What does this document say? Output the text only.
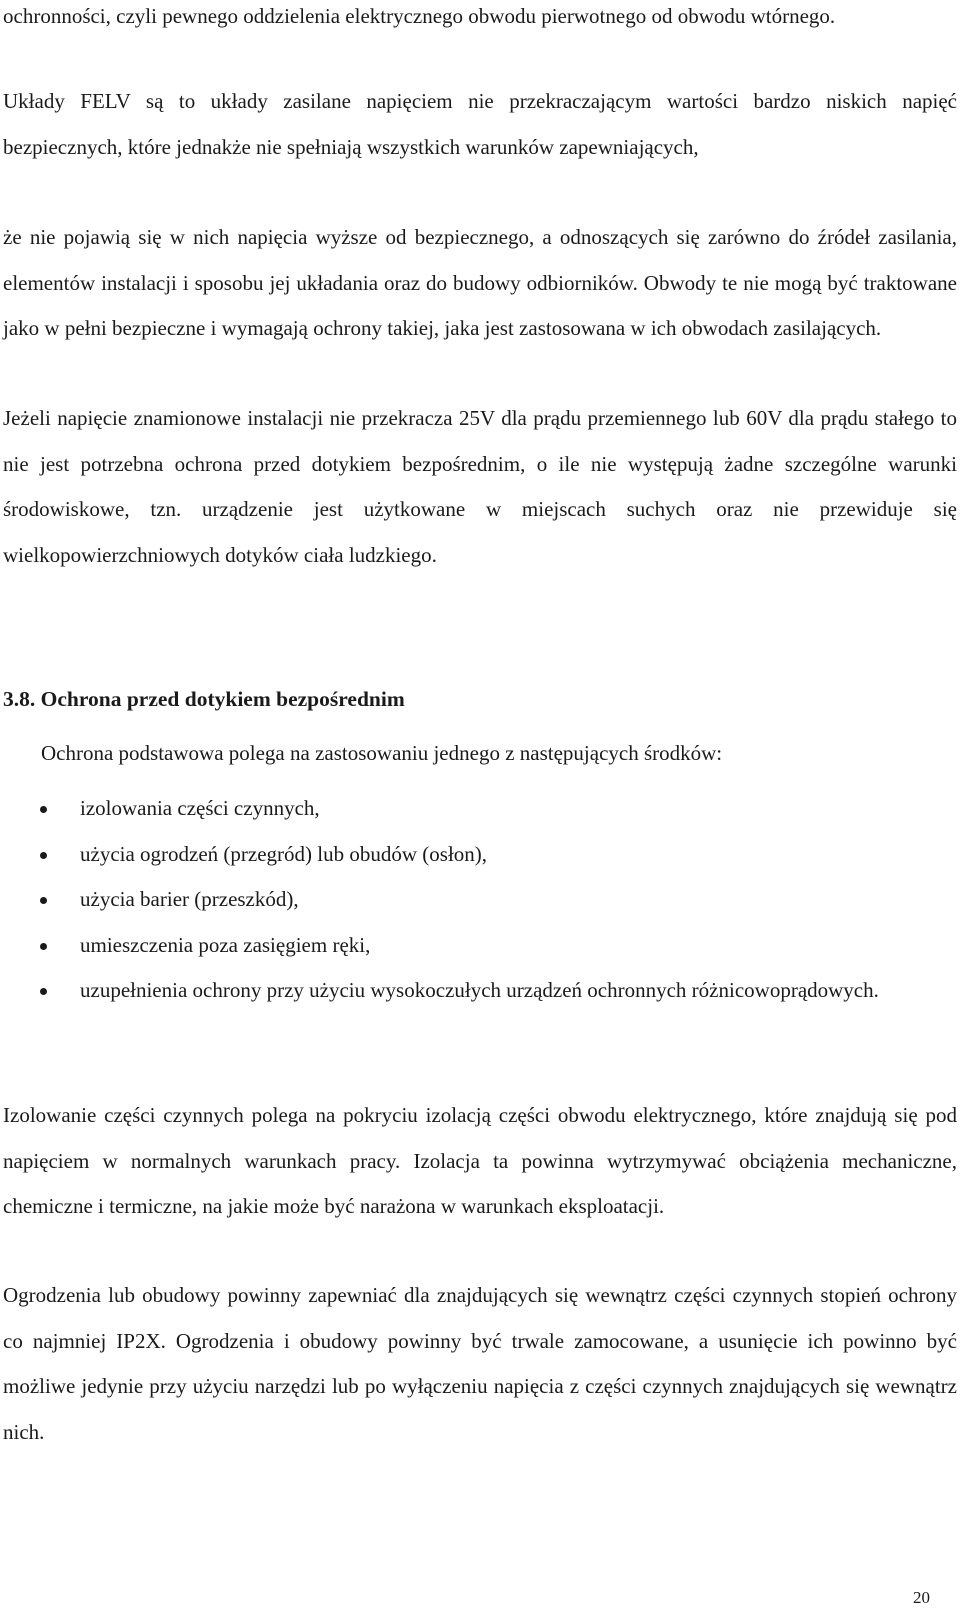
ochronności, czyli pewnego oddzielenia elektrycznego obwodu pierwotnego od obwodu wtórnego.

Układy FELV są to układy zasilane napięciem nie przekraczającym wartości bardzo niskich napięć bezpiecznych, które jednakże nie spełniają wszystkich warunków zapewniających,

że nie pojawią się w nich napięcia wyższe od bezpiecznego, a odnoszących się zarówno do źródeł zasilania, elementów instalacji i sposobu jej układania oraz do budowy odbiorników. Obwody te nie mogą być traktowane jako w pełni bezpieczne i wymagają ochrony takiej, jaka jest zastosowana w ich obwodach zasilających.

Jeżeli napięcie znamionowe instalacji nie przekracza 25V dla prądu przemiennego lub 60V dla prądu stałego to nie jest potrzebna ochrona przed dotykiem bezpośrednim, o ile nie występują żadne szczególne warunki środowiskowe, tzn. urządzenie jest użytkowane w miejscach suchych oraz nie przewiduje się wielkopowierzchniowych dotyków ciała ludzkiego.

3.8. Ochrona przed dotykiem bezpośrednim

Ochrona podstawowa polega na zastosowaniu jednego z następujących środków:

izolowania części czynnych,
użycia ogrodzeń (przegród) lub obudów (osłon),
użycia barier (przeszkód),
umieszczenia poza zasięgiem ręki,
uzupełnienia ochrony przy użyciu wysokoczułych urządzeń ochronnych różnicowoprądowych.

Izolowanie części czynnych polega na pokryciu izolacją części obwodu elektrycznego, które znajdują się pod napięciem w normalnych warunkach pracy. Izolacja ta powinna wytrzymywać obciążenia mechaniczne, chemiczne i termiczne, na jakie może być narażona w warunkach eksploatacji.

Ogrodzenia lub obudowy powinny zapewniać dla znajdujących się wewnątrz części czynnych stopień ochrony co najmniej IP2X. Ogrodzenia i obudowy powinny być trwale zamocowane, a usunięcie ich powinno być możliwe jedynie przy użyciu narzędzi lub po wyłączeniu napięcia z części czynnych znajdujących się wewnątrz nich.

20
